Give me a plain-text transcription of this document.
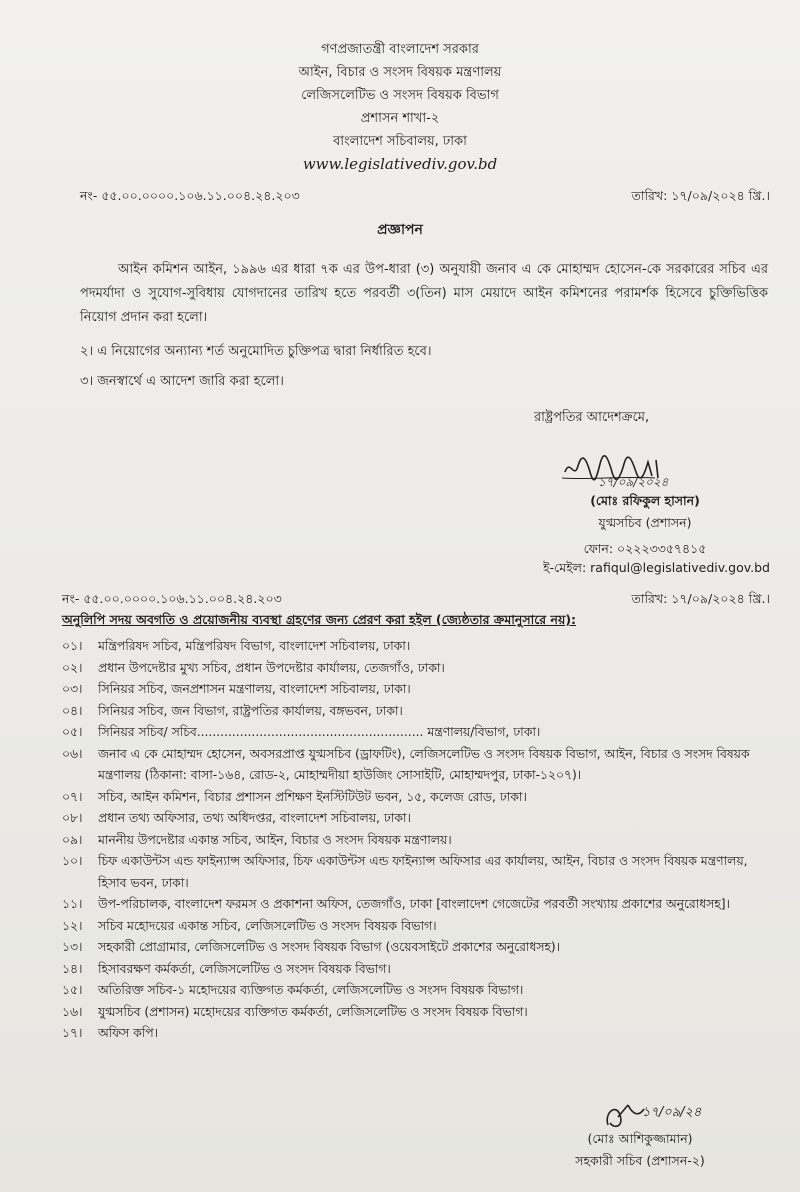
গণপ্রজাতন্ত্রী বাংলাদেশ সরকার
আইন, বিচার ও সংসদ বিষয়ক মন্ত্রণালয়
লেজিসলেটিভ ও সংসদ বিষয়ক বিভাগ
প্রশাসন শাখা-২
বাংলাদেশ সচিবালয়, ঢাকা
www.legislativediv.gov.bd
নং- ৫৫.০০.০০০০.১০৬.১১.০০৪.২৪.২০৩	তারিখ: ১৭/০৯/২০২৪ খ্রি.।
প্রজ্ঞাপন
আইন কমিশন আইন, ১৯৯৬ এর ধারা ৭ক এর উপ-ধারা (৩) অনুযায়ী জনাব এ কে মোহাম্মদ হোসেন-কে সরকারের সচিব এর পদমর্যাদা ও সুযোগ-সুবিধায় যোগদানের তারিখ হতে পরবর্তী ৩(তিন) মাস মেয়াদে আইন কমিশনের পরামর্শক হিসেবে চুক্তিভিত্তিক নিয়োগ প্রদান করা হলো।
২। এ নিয়োগের অন্যান্য শর্ত অনুমোদিত চুক্তিপত্র দ্বারা নির্ধারিত হবে।
৩। জনস্বার্থে এ আদেশ জারি করা হলো।
রাষ্ট্রপতির আদেশক্রমে,
১৭/০৯/২০২৪
(মোঃ রফিকুল হাসান)
যুগ্মসচিব (প্রশাসন)
ফোন: ০২২২৩৩৫৭৪১৫
ই-মেইল: rafiqul@legislativediv.gov.bd
নং- ৫৫.০০.০০০০.১০৬.১১.০০৪.২৪.২০৩	তারিখ: ১৭/০৯/২০২৪ খ্রি.।
অনুলিপি সদয় অবগতি ও প্রয়োজনীয় ব্যবস্থা গ্রহণের জন্য প্রেরণ করা হইল (জ্যেষ্ঠতার ক্রমানুসারে নয়):
০১।	মন্ত্রিপরিষদ সচিব, মন্ত্রিপরিষদ বিভাগ, বাংলাদেশ সচিবালয়, ঢাকা।
০২।	প্রধান উপদেষ্টার মুখ্য সচিব, প্রধান উপদেষ্টার কার্যালয়, তেজগাঁও, ঢাকা।
০৩।	সিনিয়র সচিব, জনপ্রশাসন মন্ত্রণালয়, বাংলাদেশ সচিবালয়, ঢাকা।
০৪।	সিনিয়র সচিব, জন বিভাগ, রাষ্ট্রপতির কার্যালয়, বঙ্গভবন, ঢাকা।
০৫।	সিনিয়র সচিব/ সচিব.......................................................... মন্ত্রণালয়/বিভাগ, ঢাকা।
০৬।	জনাব এ কে মোহাম্মদ হোসেন, অবসরপ্রাপ্ত যুগ্মসচিব (ড্রাফটিং), লেজিসলেটিভ ও সংসদ বিষয়ক বিভাগ, আইন, বিচার ও সংসদ বিষয়ক মন্ত্রণালয় (ঠিকানা: বাসা-১৬৪, রোড-২, মোহাম্মদীয়া হাউজিং সোসাইটি, মোহাম্মদপুর, ঢাকা-১২০৭)।
০৭।	সচিব, আইন কমিশন, বিচার প্রশাসন প্রশিক্ষণ ইনস্টিটিউট ভবন, ১৫, কলেজ রোড, ঢাকা।
০৮।	প্রধান তথ্য অফিসার, তথ্য অধিদপ্তর, বাংলাদেশ সচিবালয়, ঢাকা।
০৯।	মাননীয় উপদেষ্টার একান্ত সচিব, আইন, বিচার ও সংসদ বিষয়ক মন্ত্রণালয়।
১০।	চিফ একাউন্টস এন্ড ফাইন্যান্স অফিসার, চিফ একাউন্টস এন্ড ফাইন্যান্স অফিসার এর কার্যালয়, আইন, বিচার ও সংসদ বিষয়ক মন্ত্রণালয়, হিসাব ভবন, ঢাকা।
১১।	উপ-পরিচালক, বাংলাদেশ ফরমস ও প্রকাশনা অফিস, তেজগাঁও, ঢাকা [বাংলাদেশ গেজেটের পরবর্তী সংখ্যায় প্রকাশের অনুরোধসহ]।
১২।	সচিব মহোদয়ের একান্ত সচিব, লেজিসলেটিভ ও সংসদ বিষয়ক বিভাগ।
১৩।	সহকারী প্রোগ্রামার, লেজিসলেটিভ ও সংসদ বিষয়ক বিভাগ (ওয়েবসাইটে প্রকাশের অনুরোধসহ)।
১৪।	হিসাবরক্ষণ কর্মকর্তা, লেজিসলেটিভ ও সংসদ বিষয়ক বিভাগ।
১৫।	অতিরিক্ত সচিব-১ মহোদয়ের ব্যক্তিগত কর্মকর্তা, লেজিসলেটিভ ও সংসদ বিষয়ক বিভাগ।
১৬।	যুগ্মসচিব (প্রশাসন) মহোদয়ের ব্যক্তিগত কর্মকর্তা, লেজিসলেটিভ ও সংসদ বিষয়ক বিভাগ।
১৭।	অফিস কপি।
১৭/০৯/২৪
(মোঃ আশিকুজ্জামান)
সহকারী সচিব (প্রশাসন-২)
